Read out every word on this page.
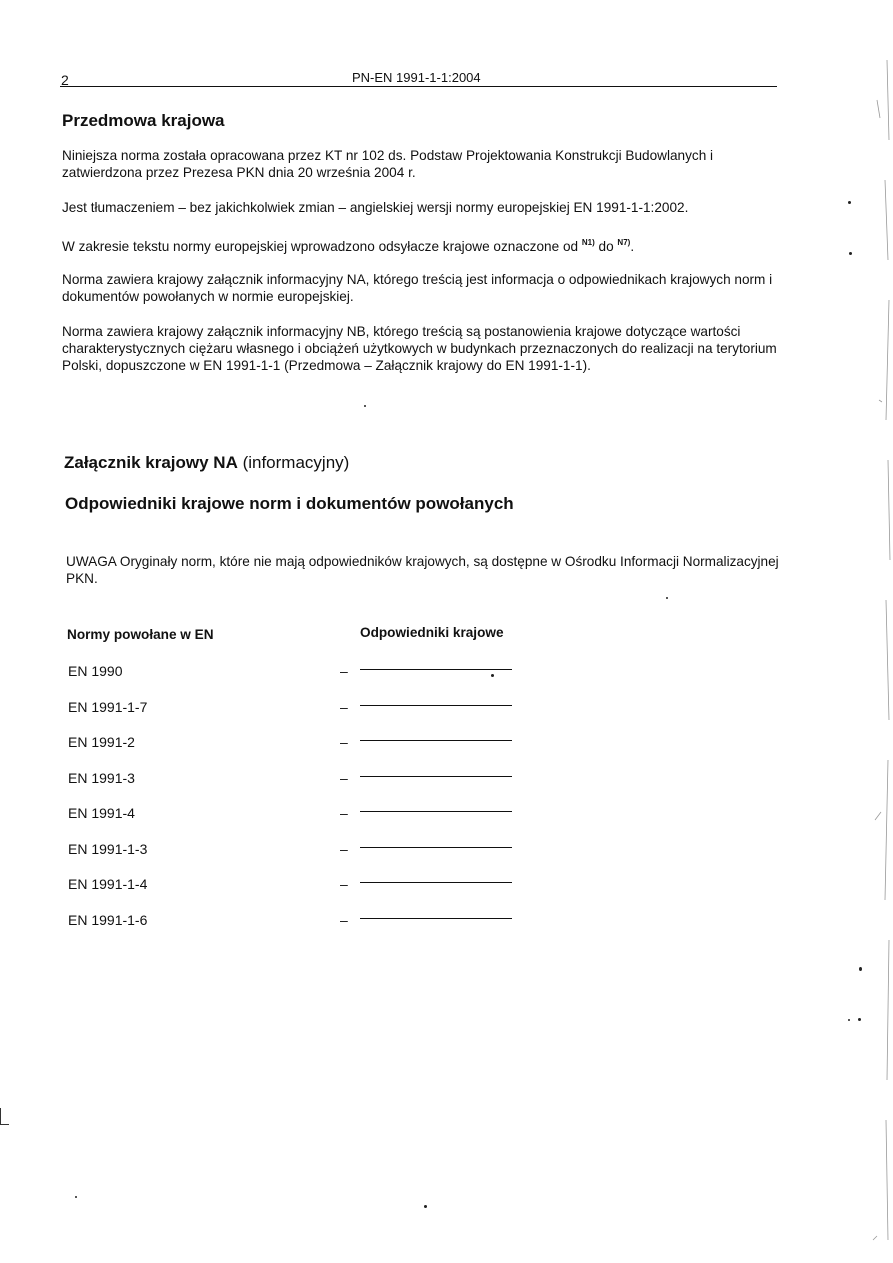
2	PN-EN 1991-1-1:2004
Przedmowa krajowa
Niniejsza norma została opracowana przez KT nr 102 ds. Podstaw Projektowania Konstrukcji Budowlanych i zatwierdzona przez Prezesa PKN dnia 20 września 2004 r.
Jest tłumaczeniem – bez jakichkolwiek zmian – angielskiej wersji normy europejskiej EN 1991-1-1:2002.
W zakresie tekstu normy europejskiej wprowadzono odsyłacze krajowe oznaczone od $^{N1)}$ do $^{N7)}$.
Norma zawiera krajowy załącznik informacyjny NA, którego treścią jest informacja o odpowiednikach krajowych norm i dokumentów powołanych w normie europejskiej.
Norma zawiera krajowy załącznik informacyjny NB, którego treścią są postanowienia krajowe dotyczące wartości charakterystycznych ciężaru własnego i obciążeń użytkowych w budynkach przeznaczonych do realizacji na terytorium Polski, dopuszczone w EN 1991-1-1 (Przedmowa – Załącznik krajowy do EN 1991-1-1).
Załącznik krajowy NA (informacyjny)
Odpowiedniki krajowe norm i dokumentów powołanych
UWAGA Oryginały norm, które nie mają odpowiedników krajowych, są dostępne w Ośrodku Informacji Normalizacyjnej PKN.
Normy powołane w EN	Odpowiedniki krajowe
EN 1990	–
EN 1991-1-7	–
EN 1991-2	–
EN 1991-3	–
EN 1991-4	–
EN 1991-1-3	–
EN 1991-1-4	–
EN 1991-1-6	–
